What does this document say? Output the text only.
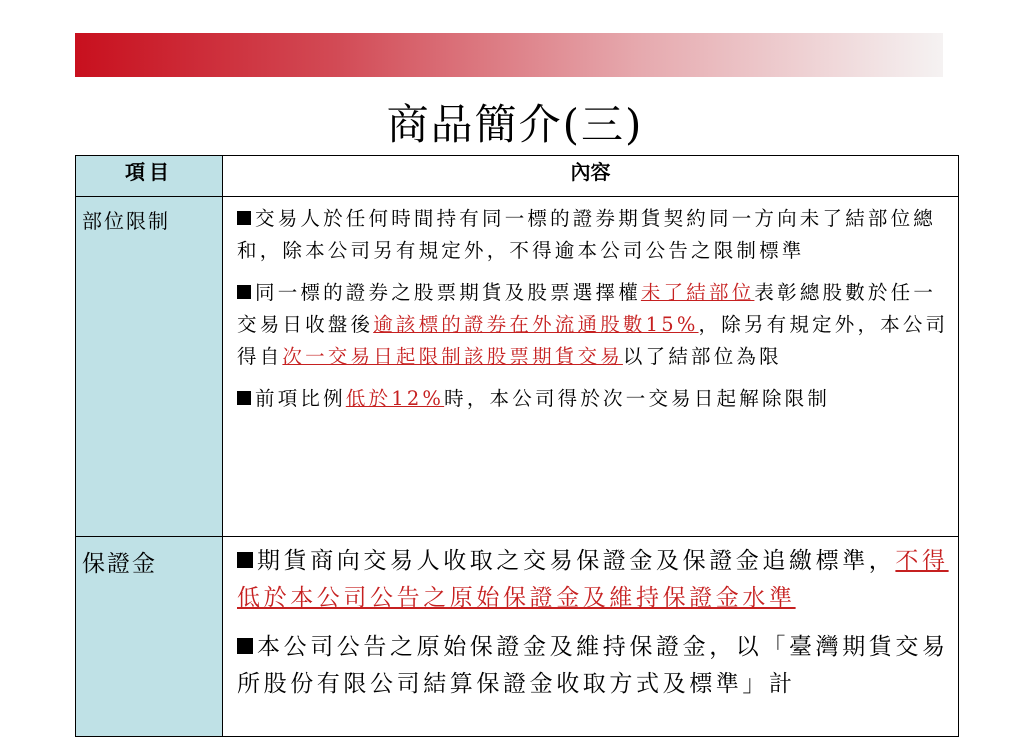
商品簡介(三)
項目	內容
部位限制	交易人於任何時間持有同一標的證券期貨契約同一方向未了結部位總和，除本公司另有規定外，不得逾本公司公告之限制標準

同一標的證券之股票期貨及股票選擇權未了結部位表彰總股數於任一交易日收盤後逾該標的證券在外流通股數15%，除另有規定外，本公司得自次一交易日起限制該股票期貨交易以了結部位為限

前項比例低於12%時，本公司得於次一交易日起解除限制

保證金	期貨商向交易人收取之交易保證金及保證金追繳標準，不得低於本公司公告之原始保證金及維持保證金水準

本公司公告之原始保證金及維持保證金，以「臺灣期貨交易所股份有限公司結算保證金收取方式及標準」計
